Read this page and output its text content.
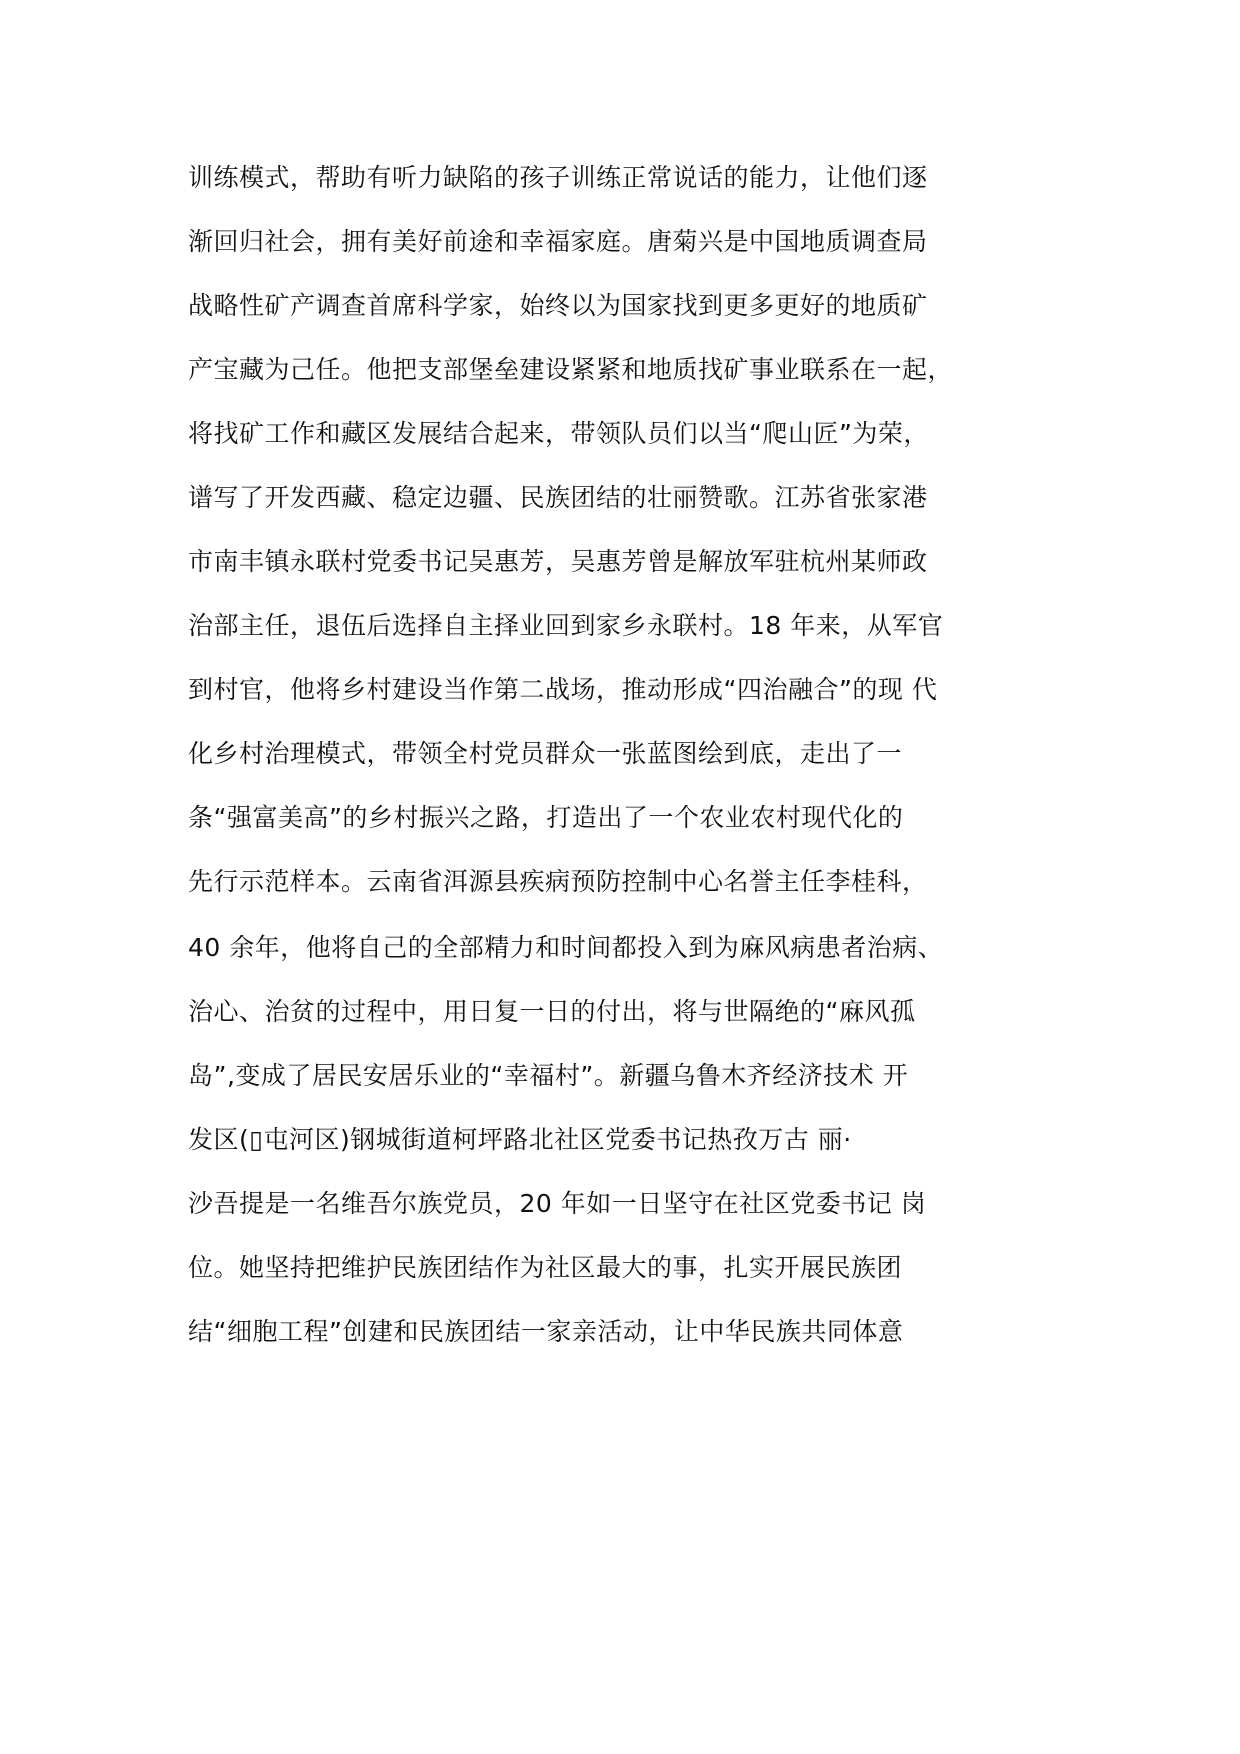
训练模式，帮助有听力缺陷的孩子训练正常说话的能力，让他们逐
渐回归社会，拥有美好前途和幸福家庭。唐菊兴是中国地质调查局
战略性矿产调查首席科学家，始终以为国家找到更多更好的地质矿
产宝藏为己任。他把支部堡垒建设紧紧和地质找矿事业联系在一起，
将找矿工作和藏区发展结合起来，带领队员们以当“爬山匠”为荣，
谱写了开发西藏、稳定边疆、民族团结的壮丽赞歌。江苏省张家港
市南丰镇永联村党委书记吴惠芳，吴惠芳曾是解放军驻杭州某师政
治部主任，退伍后选择自主择业回到家乡永联村。18 年来，从军官
到村官，他将乡村建设当作第二战场，推动形成“四治融合”的现 代
化乡村治理模式，带领全村党员群众一张蓝图绘到底，走出了一
条“强富美高”的乡村振兴之路，打造出了一个农业农村现代化的
先行示范样本。云南省洱源县疾病预防控制中心名誉主任李桂科，
40 余年，他将自己的全部精力和时间都投入到为麻风病患者治病、
治心、治贫的过程中，用日复一日的付出，将与世隔绝的“麻风孤
岛”,变成了居民安居乐业的“幸福村”。新疆乌鲁木齐经济技术 开
发区(▯屯河区)钢城街道柯坪路北社区党委书记热孜万古 丽·
沙吾提是一名维吾尔族党员，20 年如一日坚守在社区党委书记 岗
位。她坚持把维护民族团结作为社区最大的事，扎实开展民族团
结“细胞工程”创建和民族团结一家亲活动，让中华民族共同体意
